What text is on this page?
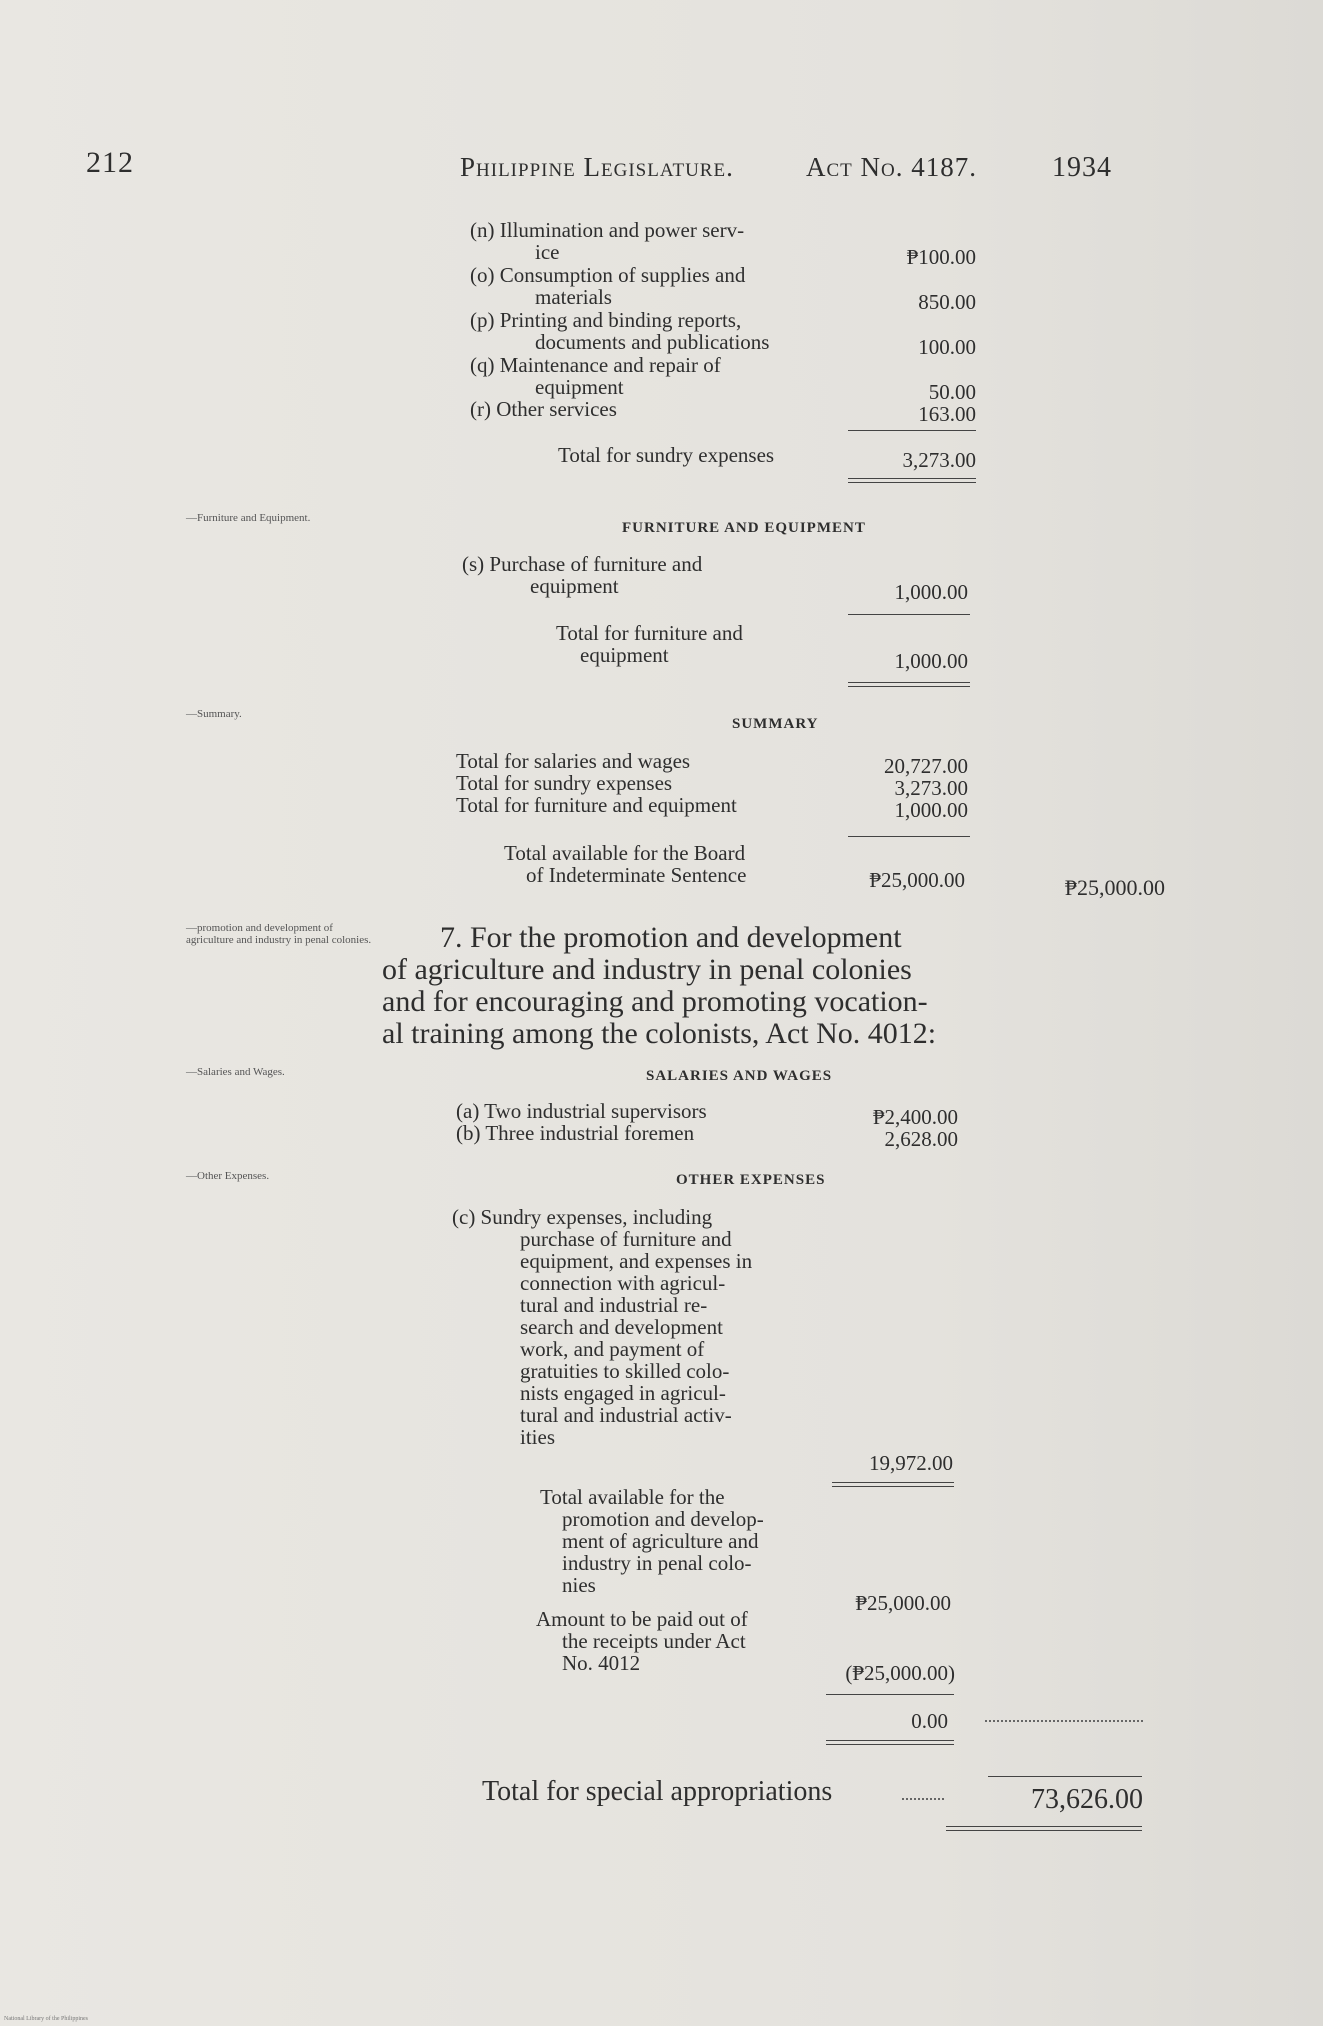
212	Philippine Legislature.	Act No. 4187.	1934
(n) Illumination and power serv-
ice	₱100.00
(o) Consumption of supplies and
materials	850.00
(p) Printing and binding reports,
documents and publications	100.00
(q) Maintenance and repair of
equipment	50.00
(r) Other services	163.00
Total for sundry expenses	3,273.00
—Furniture and Equipment.
FURNITURE AND EQUIPMENT
(s) Purchase of furniture and
equipment	1,000.00
Total for furniture and
equipment	1,000.00
—Summary.
SUMMARY
Total for salaries and wages	20,727.00
Total for sundry expenses	3,273.00
Total for furniture and equipment	1,000.00
Total available for the Board
of Indeterminate Sentence	₱25,000.00	₱25,000.00
—promotion and development of agriculture and industry in penal colonies. 7. For the promotion and development
of agriculture and industry in penal colonies
and for encouraging and promoting vocation-
al training among the colonists, Act No. 4012:
—Salaries and Wages.	SALARIES AND WAGES
(a) Two industrial supervisors	₱2,400.00
(b) Three industrial foremen	2,628.00
—Other Expenses.	OTHER EXPENSES
(c) Sundry expenses, including
purchase of furniture and
equipment, and expenses in
connection with agricul-
tural and industrial re-
search and development
work, and payment of
gratuities to skilled colo-
nists engaged in agricul-
tural and industrial activ-
ities
19,972.00
Total available for the
promotion and develop-
ment of agriculture and
industry in penal colo-
nies
₱25,000.00
Amount to be paid out of
the receipts under Act
No. 4012	(₱25,000.00)
0.00
Total for special appropriations	73,626.00
National Library of the Philippines
